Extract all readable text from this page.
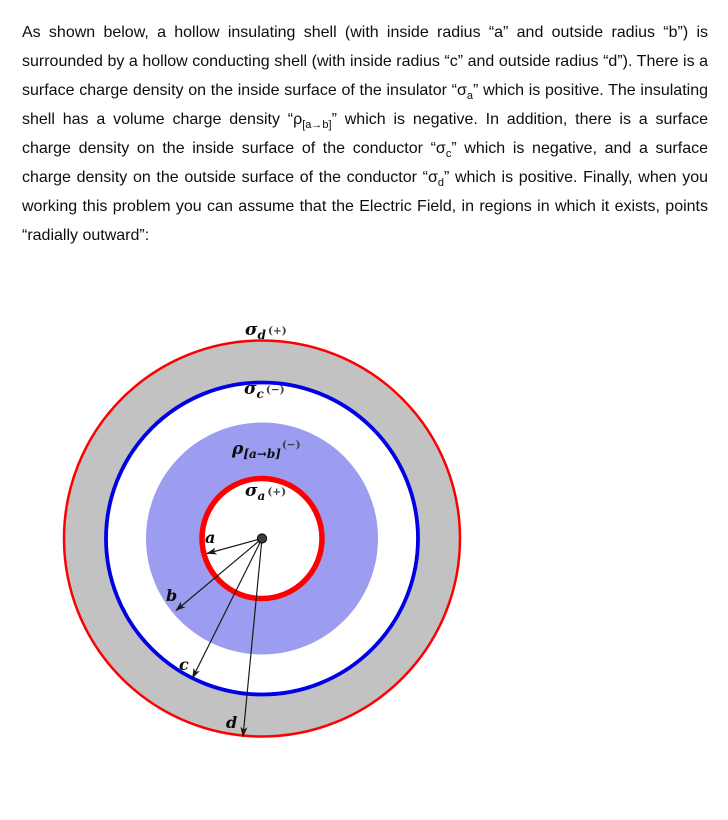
As shown below, a hollow insulating shell (with inside radius “a” and outside radius “b”) is surrounded by a hollow conducting shell (with inside radius “c” and outside radius “d”). There is a surface charge density on the inside surface of the insulator “$\sigma_a$” which is positive. The insulating shell has a volume charge density “$\rho_{[a\to b]}$” which is negative. In addition, there is a surface charge density on the inside surface of the conductor “$\sigma_c$” which is negative, and a surface charge density on the outside surface of the conductor “$\sigma_d$” which is positive. Finally, when you working this problem you can assume that the Electric Field, in regions in which it exists, points “radially outward”:

$\sigma_d$ (+)
$\sigma_c$ (−)
$\rho_{[a\to b]}^{(-)}$
$\sigma_a$ (+)
a
b
c
d
